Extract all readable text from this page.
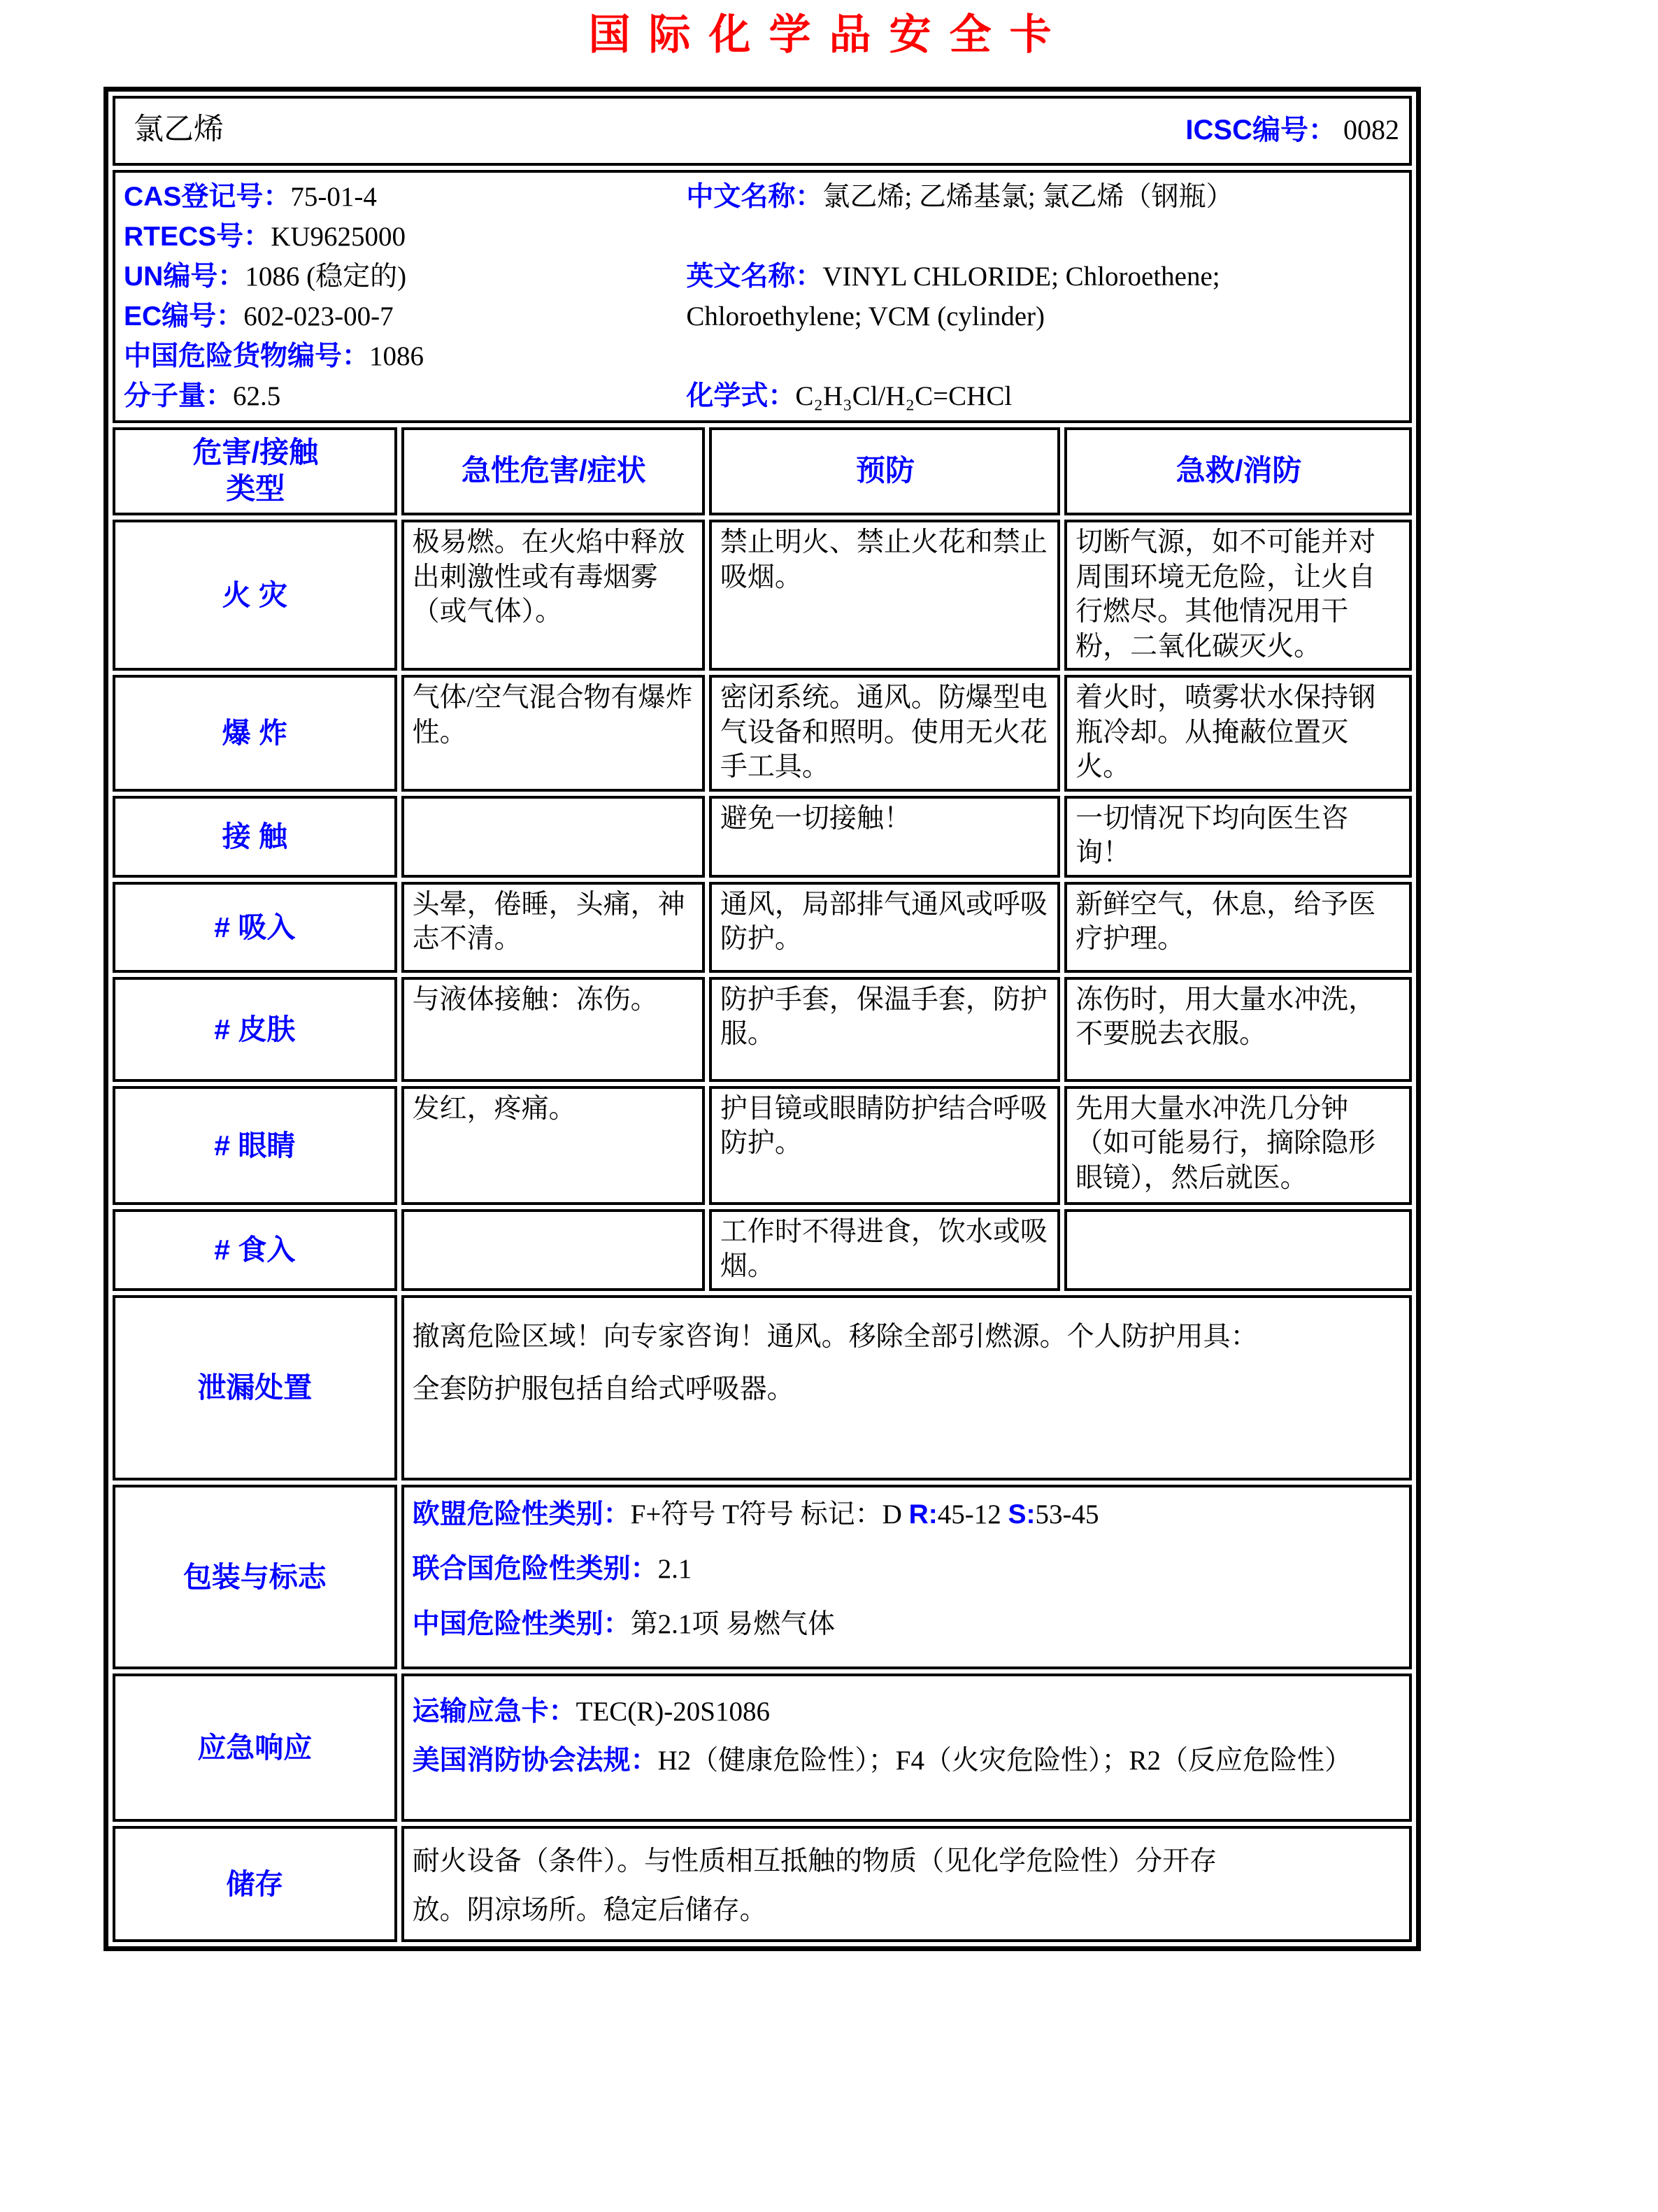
国际化学品安全卡
氯乙烯 ICSC编号： 0082			

CAS登记号：75-01-4
RTECS号：KU9625000
UN编号：1086 (稳定的)
EC编号：602-023-00-7
中国危险货物编号：1086
分子量：62.5

中文名称：氯乙烯; 乙烯基氯; 氯乙烯（钢瓶）

英文名称：VINYL CHLORIDE; Chloroethene; Chloroethylene; VCM (cylinder)

化学式：C₂H₃Cl/H₂C=CHCl

危害/接触
类型	急性危害/症状	预防	急救/消防
火 灾	极易燃。在火焰中释放出刺激性或有毒烟雾（或气体）。	禁止明火、禁止火花和禁止吸烟。	切断气源，如不可能并对周围环境无危险，让火自行燃尽。其他情况用干粉，二氧化碳灭火。
爆 炸	气体/空气混合物有爆炸性。	密闭系统。通风。防爆型电气设备和照明。使用无火花手工具。	着火时，喷雾状水保持钢瓶冷却。从掩蔽位置灭火。
接 触		避免一切接触！	一切情况下均向医生咨询！
# 吸入	头晕，倦睡，头痛，神志不清。	通风，局部排气通风或呼吸防护。	新鲜空气，休息，给予医疗护理。
# 皮肤	与液体接触：冻伤。	防护手套，保温手套，防护服。	冻伤时，用大量水冲洗，不要脱去衣服。
# 眼睛	发红，疼痛。	护目镜或眼睛防护结合呼吸防护。	先用大量水冲洗几分钟（如可能易行，摘除隐形眼镜），然后就医。
# 食入		工作时不得进食，饮水或吸烟。	
泄漏处置	撤离危险区域！向专家咨询！通风。移除全部引燃源。个人防护用具：全套防护服包括自给式呼吸器。		

包装与标志	欧盟危险性类别：F+符号 T符号 标记：D R:45-12 S:53-45

联合国危险性类别：2.1

中国危险性类别：第2.1项 易燃气体		

应急响应	运输应急卡：TEC(R)-20S1086

美国消防协会法规：H2（健康危险性）；F4（火灾危险性）；R2（反应危险性）		

储存	耐火设备（条件）。与性质相互抵触的物质（见化学危险性）分开存放。阴凉场所。稳定后储存。		
